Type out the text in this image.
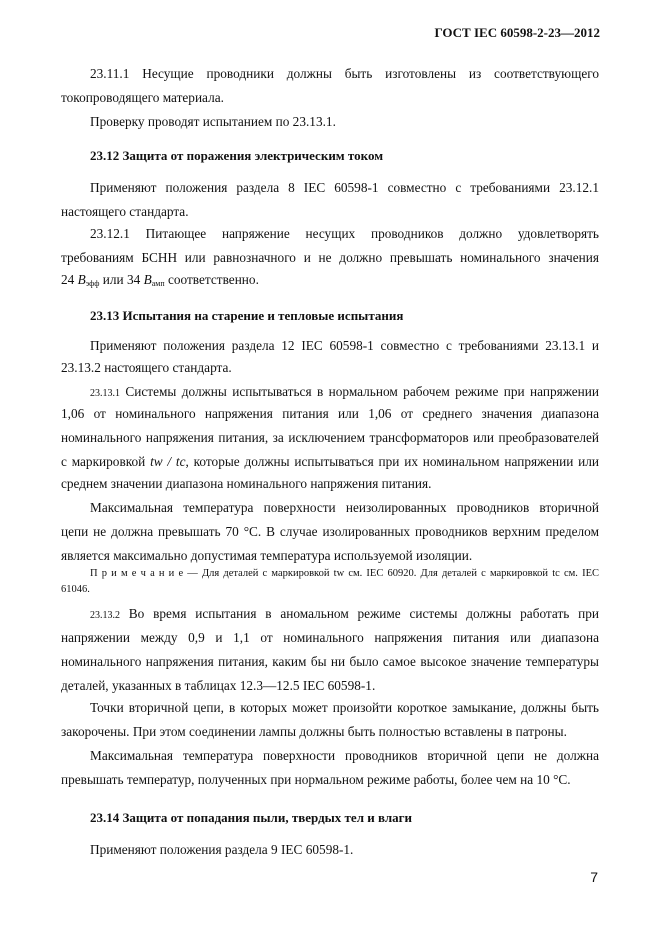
ГОСТ IEC 60598-2-23—2012
23.11.1 Несущие проводники должны быть изготовлены из соответствующего
токопроводящего материала.
Проверку проводят испытанием по 23.13.1.
23.12 Защита от поражения электрическим током
Применяют положения раздела 8 IEC 60598-1 совместно с требованиями 23.12.1
настоящего стандарта.
23.12.1 Питающее напряжение несущих проводников должно удовлетворять
требованиям БСНН или равнозначного и не должно превышать номинального значения
24 $В_{эфф}$ или 34 $В_{амп}$ соответственно.
23.13 Испытания на старение и тепловые испытания
Применяют положения раздела 12 IEC 60598-1 совместно с требованиями 23.13.1 и
23.13.2 настоящего стандарта.
23.13.1 Системы должны испытываться в нормальном рабочем режиме при напряжении
1,06 от номинального напряжения питания или 1,06 от среднего значения диапазона
номинального напряжения питания, за исключением трансформаторов или преобразователей
с маркировкой tw / tc, которые должны испытываться при их номинальном напряжении или
среднем значении диапазона номинального напряжения питания.
Максимальная температура поверхности неизолированных проводников вторичной
цепи не должна превышать 70 °С. В случае изолированных проводников верхним пределом
является максимально допустимая температура используемой изоляции.
П р и м е ч а н и е — Для деталей с маркировкой tw см. IEC 60920. Для деталей с маркировкой tc см. IEC
61046.
23.13.2 Во время испытания в аномальном режиме системы должны работать при
напряжении между 0,9 и 1,1 от номинального напряжения питания или диапазона
номинального напряжения питания, каким бы ни было самое высокое значение температуры
деталей, указанных в таблицах 12.3—12.5 IEC 60598-1.
Точки вторичной цепи, в которых может произойти короткое замыкание, должны быть
закорочены. При этом соединении лампы должны быть полностью вставлены в патроны.
Максимальная температура поверхности проводников вторичной цепи не должна
превышать температур, полученных при нормальном режиме работы, более чем на 10 °С.
23.14 Защита от попадания пыли, твердых тел и влаги
Применяют положения раздела 9 IEC 60598-1.
7
